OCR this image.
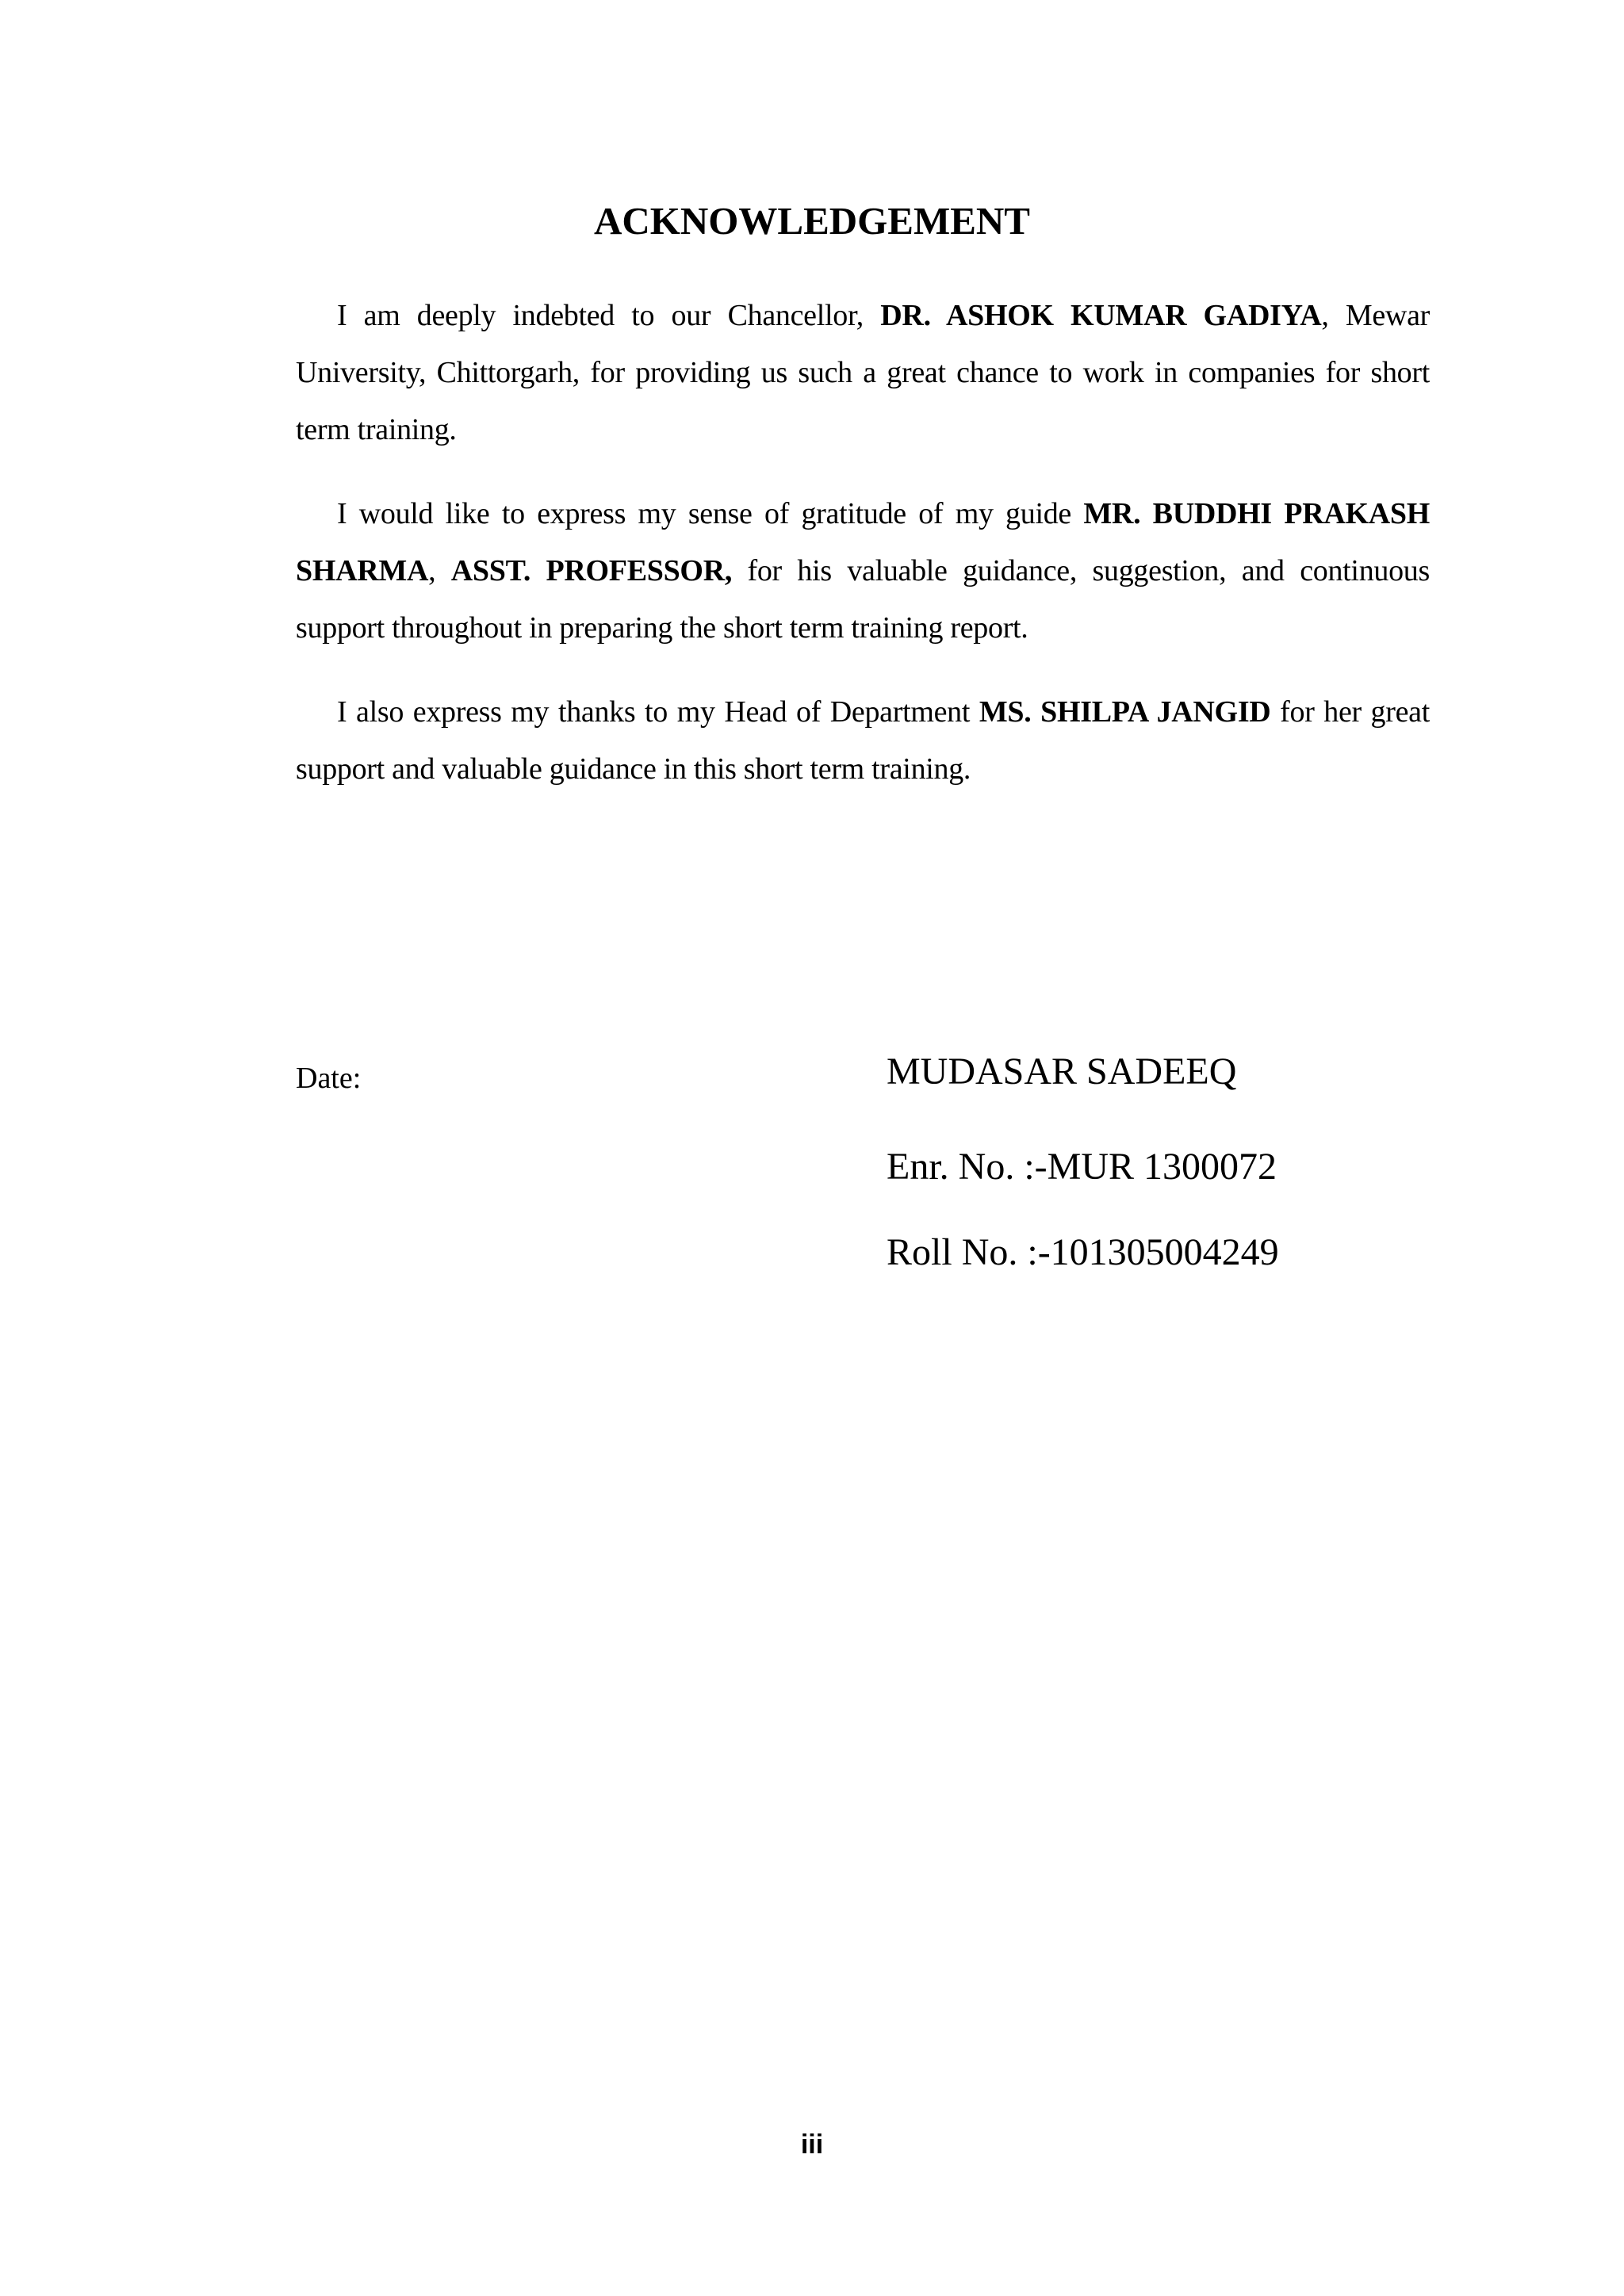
ACKNOWLEDGEMENT

I am deeply indebted to our Chancellor, DR. ASHOK KUMAR GADIYA, Mewar University, Chittorgarh, for providing us such a great chance to work in companies for short term training.

I would like to express my sense of gratitude of my guide MR. BUDDHI PRAKASH SHARMA, ASST. PROFESSOR, for his valuable guidance, suggestion, and continuous support throughout in preparing the short term training report.

I also express my thanks to my Head of Department MS. SHILPA JANGID for her great support and valuable guidance in this short term training.

Date:	MUDASAR SADEEQ

Enr. No. :-MUR 1300072

Roll No. :-101305004249

iii
